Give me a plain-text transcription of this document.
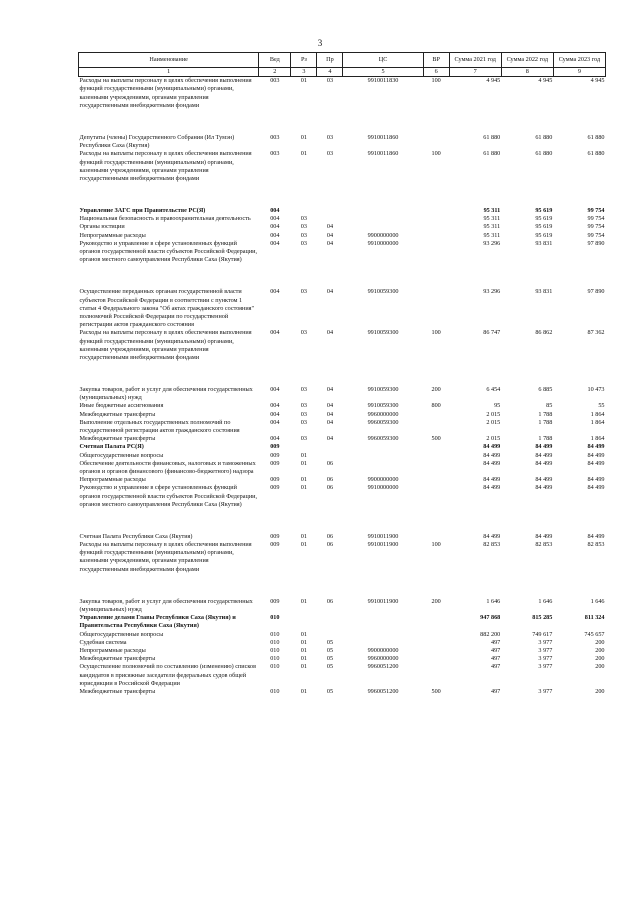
3
Наименование	Вед	Рз	Пр	ЦС	ВР	Сумма 2021 год	Сумма 2022 год	Сумма 2023 год
1	2	3	4	5	6	7	8	9
Расходы на выплаты персоналу в целях обеспечения выполнения функций государственными (муниципальными) органами, казенными учреждениями, органами управления государственными внебюджетными фондами	003	01	03	9910011830	100	4 945	4 945	4 945

Депутаты (члены) Государственного Собрания (Ил Тумэн) Республики Саха (Якутия)	003	01	03	9910011860		61 880	61 880	61 880
Расходы на выплаты персоналу в целях обеспечения выполнения функций государственными (муниципальными) органами, казенными учреждениями, органами управления государственными внебюджетными фондами	003	01	03	9910011860	100	61 880	61 880	61 880

Управление ЗАГС при Правительстве РС(Я)	004					95 311	95 619	99 754
Национальная безопасность и правоохранительная деятельность	004	03				95 311	95 619	99 754
Органы юстиции	004	03	04			95 311	95 619	99 754
Непрограммные расходы	004	03	04	9900000000		95 311	95 619	99 754
Руководство и управление в сфере установленных функций органов государственной власти субъектов Российской Федерации, органов местного самоуправления Республики Саха (Якутия)	004	03	04	9910000000		93 296	93 831	97 890

Осуществление переданных органам государственной власти субъектов Российской Федерации в соответствии с пунктом 1 статьи 4 Федерального закона "Об актах гражданского состояния" полномочий Российской Федерации по государственной регистрации актов гражданского состояния	004	03	04	9910059300		93 296	93 831	97 890
Расходы на выплаты персоналу в целях обеспечения выполнения функций государственными (муниципальными) органами, казенными учреждениями, органами управления государственными внебюджетными фондами	004	03	04	9910059300	100	86 747	86 862	87 362

Закупка товаров, работ и услуг для обеспечения государственных (муниципальных) нужд	004	03	04	9910059300	200	6 454	6 885	10 473
Иные бюджетные ассигнования	004	03	04	9910059300	800	95	85	55
Межбюджетные трансферты	004	03	04	9960000000		2 015	1 788	1 864
Выполнение отдельных государственных полномочий по государственной регистрации актов гражданского состояния	004	03	04	9960059300		2 015	1 788	1 864
Межбюджетные трансферты	004	03	04	9960059300	500	2 015	1 788	1 864
Счетная Палата РС(Я)	009					84 499	84 499	84 499
Общегосударственные вопросы	009	01				84 499	84 499	84 499
Обеспечение деятельности финансовых, налоговых и таможенных органов и органов финансового (финансово-бюджетного) надзора	009	01	06			84 499	84 499	84 499
Непрограммные расходы	009	01	06	9900000000		84 499	84 499	84 499
Руководство и управление в сфере установленных функций органов государственной власти субъектов Российской Федерации, органов местного самоуправления Республики Саха (Якутия)	009	01	06	9910000000		84 499	84 499	84 499

Счетная Палата Республики Саха (Якутия)	009	01	06	9910011900		84 499	84 499	84 499
Расходы на выплаты персоналу в целях обеспечения выполнения функций государственными (муниципальными) органами, казенными учреждениями, органами управления государственными внебюджетными фондами	009	01	06	9910011900	100	82 853	82 853	82 853

Закупка товаров, работ и услуг для обеспечения государственных (муниципальных) нужд	009	01	06	9910011900	200	1 646	1 646	1 646
Управление делами Главы Республики Саха (Якутия) и Правительства Республики Саха (Якутия)	010					947 868	815 285	811 324
Общегосударственные вопросы	010	01				882 200	749 617	745 657
Судебная система	010	01	05			497	3 977	200
Непрограммные расходы	010	01	05	9900000000		497	3 977	200
Межбюджетные трансферты	010	01	05	9960000000		497	3 977	200
Осуществление полномочий по составлению (изменению) списков кандидатов в присяжные заседатели федеральных судов общей юрисдикции в Российской Федерации	010	01	05	9960051200		497	3 977	200
Межбюджетные трансферты	010	01	05	9960051200	500	497	3 977	200
